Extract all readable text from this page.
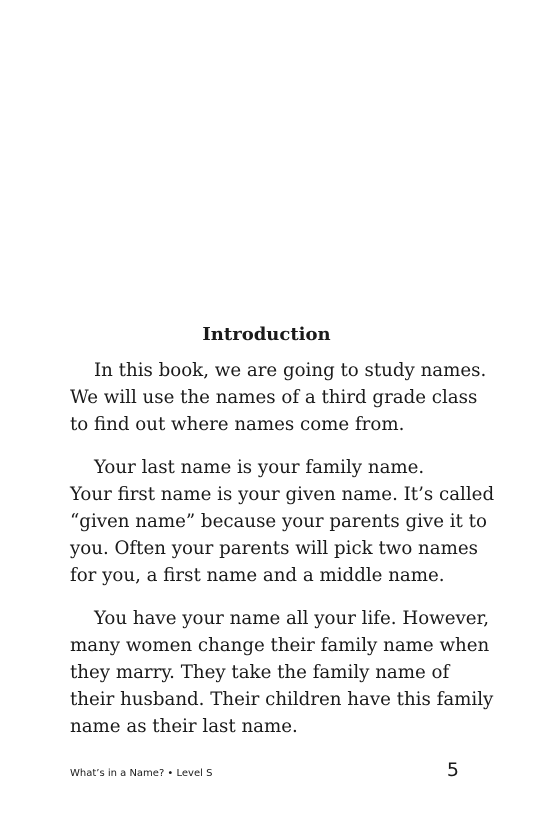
Introduction

In this book, we are going to study names.
We will use the names of a third grade class
to find out where names come from.

Your last name is your family name.
Your first name is your given name. It’s called
“given name” because your parents give it to
you. Often your parents will pick two names
for you, a first name and a middle name.

You have your name all your life. However,
many women change their family name when
they marry. They take the family name of
their husband. Their children have this family
name as their last name.

What’s in a Name? • Level S	5
